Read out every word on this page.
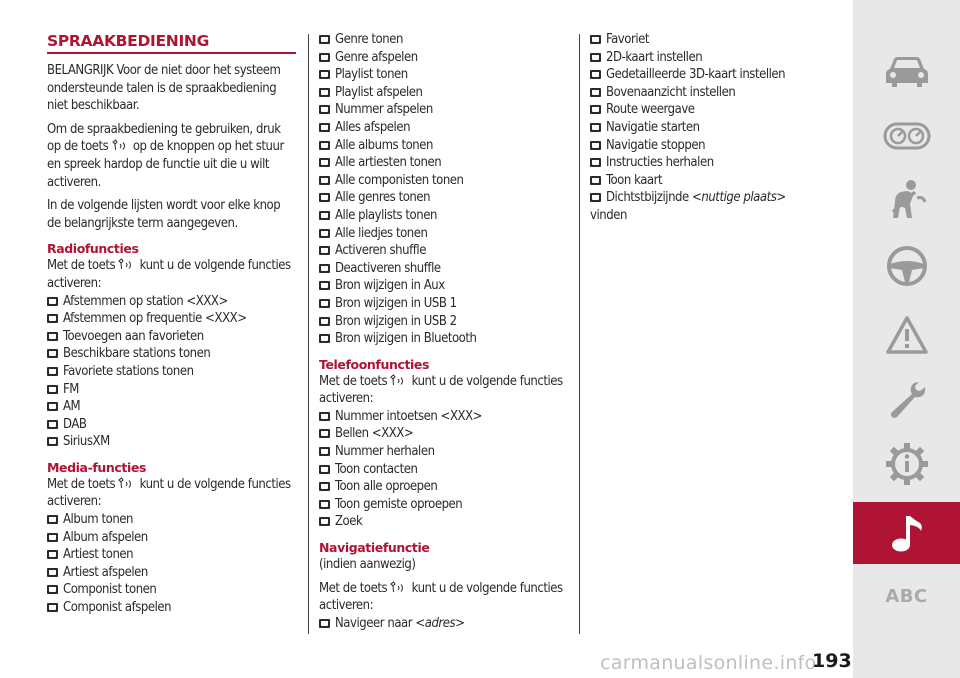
SPRAAKBEDIENING

BELANGRIJK Voor de niet door het systeem ondersteunde talen is de spraakbediening niet beschikbaar.

Om de spraakbediening te gebruiken, druk op de toets op de knoppen op het stuur en spreek hardop de functie uit die u wilt activeren.

In de volgende lijsten wordt voor elke knop de belangrijkste term aangegeven.

Radiofuncties

Met de toets kunt u de volgende functies activeren:

Afstemmen op station <XXX>
Afstemmen op frequentie <XXX>
Toevoegen aan favorieten
Beschikbare stations tonen
Favoriete stations tonen
FM
AM
DAB
SiriusXM
Media-functies

Met de toets kunt u de volgende functies activeren:

Album tonen
Album afspelen
Artiest tonen
Artiest afspelen
Componist tonen
Componist afspelen
Genre tonen
Genre afspelen
Playlist tonen
Playlist afspelen
Nummer afspelen
Alles afspelen
Alle albums tonen
Alle artiesten tonen
Alle componisten tonen
Alle genres tonen
Alle playlists tonen
Alle liedjes tonen
Activeren shuffle
Deactiveren shuffle
Bron wijzigen in Aux
Bron wijzigen in USB 1
Bron wijzigen in USB 2
Bron wijzigen in Bluetooth
Telefoonfuncties

Met de toets kunt u de volgende functies activeren:

Nummer intoetsen <XXX>
Bellen <XXX>
Nummer herhalen
Toon contacten
Toon alle oproepen
Toon gemiste oproepen
Zoek
Navigatiefunctie

(indien aanwezig)

Met de toets kunt u de volgende functies activeren:

Navigeer naar <adres>
Favoriet
2D-kaart instellen
Gedetailleerde 3D-kaart instellen
Bovenaanzicht instellen
Route weergave
Navigatie starten
Navigatie stoppen
Instructies herhalen
Toon kaart
Dichtstbijzijnde <nuttige plaats>

vinden

ABC
carmanualsonline.info
193
